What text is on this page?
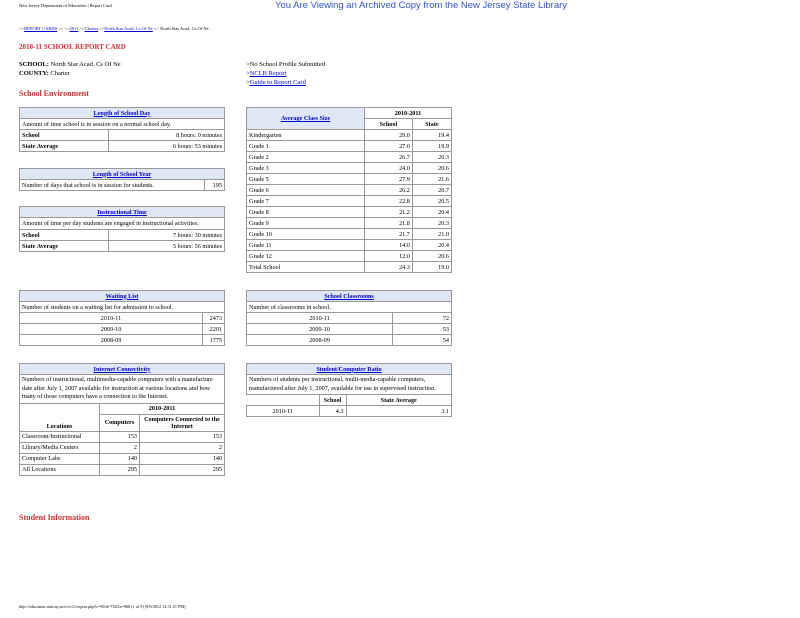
You Are Viewing an Archived Copy from the New Jersey State Library
New Jersey Department of Education | Report Card
>>REPORT CARDS >> >>2011 >>Charter >>North Star Acad. Cs Of Ne >> North Star Acad. Cs Of Ne
2010-11 SCHOOL REPORT CARD
SCHOOL: North Star Acad. Cs Of Ne
COUNTY: Charter
>No School Profile Submitted
>NCLB Report
>Guide to Report Card
School Environment
Length of School Day	
Amount of time school is in session on a normal school day.	
School	8 hours: 0 minutes
State Average	6 hours: 53 minutes
Length of School Year
Number of days that school is in session for students.	195
Instructional Time	
Amount of time per day students are engaged in instructional activities.	
School	7 hours: 30 minutes
State Average	5 hours: 56 minutes
Average Class Size	2010-2011	
	School	State
Kindergarten	29.0	19.4
Grade 1	27.0	19.9
Grade 2	26.7	20.3
Grade 3	24.0	20.6
Grade 5	27.9	21.6
Grade 6	26.2	20.7
Grade 7	22.8	20.5
Grade 8	21.2	20.4
Grade 9	21.8	20.3
Grade 10	21.7	21.0
Grade 11	14.0	20.4
Grade 12	12.0	20.6
Total School	24.3	19.0
Waiting List	
Number of students on a waiting list for admission to school.	
2010-11	2473
2009-10	2201
2008-09	1775
School Classrooms	
Number of classrooms in school.	
2010-11	72
2009-10	53
2008-09	54
Internet Connectivity		
Numbers of instructional, multimedia-capable computers with a manufacture date after July 1, 2007 available for instruction at various locations and how many of those computers have a connection to the Internet.		
Locations	2010-2011	
	Computers	Computers Connected to the Internet
Classroom/Instructional	153	153
Library/Media Centers	2	2
Computer Labs	140	140
All Locations	295	295
Student/Computer Ratio		
Numbers of students per instructional, multi-media-capable computers, manufactured after July 1, 2007, available for use in supervised instruction.		
	School	State Average
2010-11	4.3	3.1
Student Information
http://education.state.nj.us/rc/rc11/report.php?c=80;d=7320;s=960 (1 of 9) [9/9/2012 12:51:51 PM]
